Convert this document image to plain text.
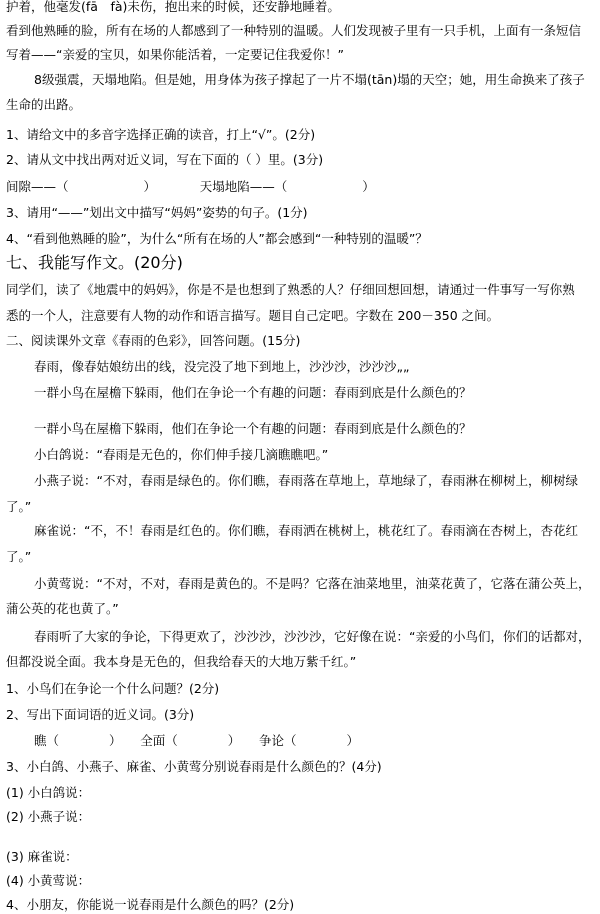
护着，他毫发(fā　fà)未伤，抱出来的时候，还安静地睡着。
看到他熟睡的脸，所有在场的人都感到了一种特别的温暖。人们发现被子里有一只手机，上面有一条短信
写着——“亲爱的宝贝，如果你能活着，一定要记住我爱你！”
8级强震，天塌地陷。但是她，用身体为孩子撑起了一片不塌(tān)塌的天空；她，用生命换来了孩子
生命的出路。
1、请给文中的多音字选择正确的读音，打上“√”。(2分)
2、请从文中找出两对近义词，写在下面的（ ）里。(3分)
间隙——（　　　　　　）　　　　天塌地陷——（　　　　　　）
3、请用“——”划出文中描写“妈妈”姿势的句子。(1分)
4、“看到他熟睡的脸”，为什么“所有在场的人”都会感到“一种特别的温暖”？
七、我能写作文。(20分)
同学们，读了《地震中的妈妈》，你是不是也想到了熟悉的人？仔细回想回想，请通过一件事写一写你熟
悉的一个人，注意要有人物的动作和语言描写。题目自己定吧。字数在 200－350 之间。
二、阅读课外文章《春雨的色彩》，回答问题。(15分)
春雨，像春姑娘纺出的线，没完没了地下到地上，沙沙沙，沙沙沙„„
一群小鸟在屋檐下躲雨，他们在争论一个有趣的问题：春雨到底是什么颜色的？
一群小鸟在屋檐下躲雨，他们在争论一个有趣的问题：春雨到底是什么颜色的？
小白鸽说：“春雨是无色的，你们伸手接几滴瞧瞧吧。”
小燕子说：“不对，春雨是绿色的。你们瞧，春雨落在草地上，草地绿了，春雨淋在柳树上，柳树绿
了。”
麻雀说：“不，不！春雨是红色的。你们瞧，春雨洒在桃树上，桃花红了。春雨滴在杏树上，杏花红
了。”
小黄莺说：“不对，不对，春雨是黄色的。不是吗？它落在油菜地里，油菜花黄了，它落在蒲公英上，
蒲公英的花也黄了。”
春雨听了大家的争论，下得更欢了，沙沙沙，沙沙沙，它好像在说：“亲爱的小鸟们，你们的话都对，
但都没说全面。我本身是无色的，但我给春天的大地万紫千红。”
1、小鸟们在争论一个什么问题？(2分)
2、写出下面词语的近义词。(3分)
瞧（　　　　）　　全面（　　　　）　　争论（　　　　）
3、小白鸽、小燕子、麻雀、小黄莺分别说春雨是什么颜色的？(4分)
(1) 小白鸽说：
(2) 小燕子说：
(3) 麻雀说：
(4) 小黄莺说：
4、小朋友，你能说一说春雨是什么颜色的吗？(2分)
